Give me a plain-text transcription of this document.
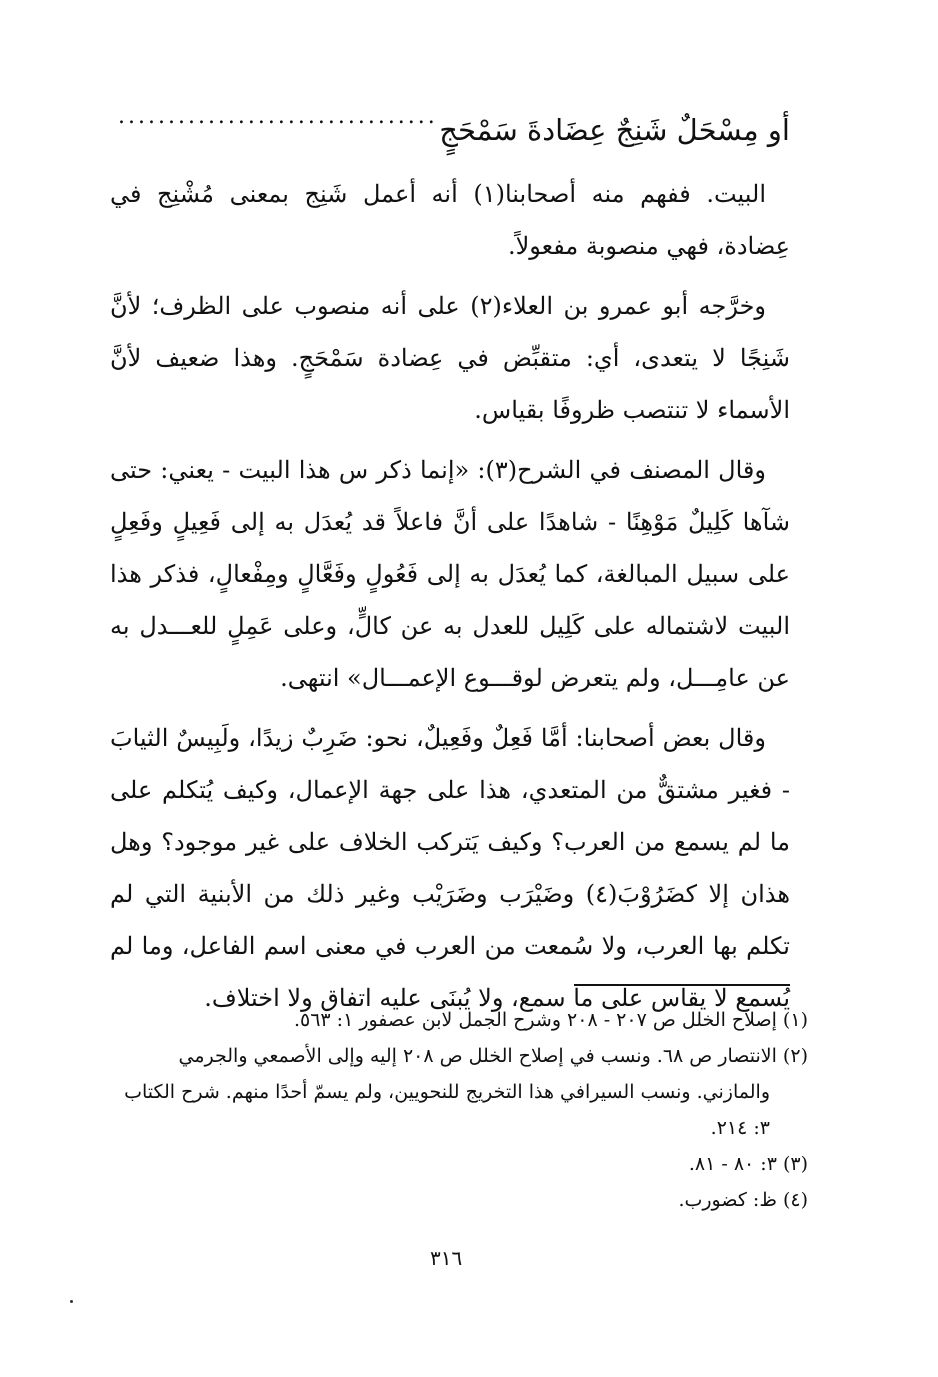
أو مِسْحَلٌ شَنِجٌ عِضَادةَ سَمْحَجٍ
................................

البيت. ففهم منه أصحابنا(١) أنه أعمل شَنِج بمعنى مُشْنِج في عِضادة، فهي منصوبة مفعولاً.

وخرَّجه أبو عمرو بن العلاء(٢) على أنه منصوب على الظرف؛ لأنَّ شَنِجًا لا يتعدى، أي: متقبِّض في عِضادة سَمْحَجٍ. وهذا ضعيف لأنَّ الأسماء لا تنتصب ظروفًا بقياس.

وقال المصنف في الشرح(٣): «إنما ذكر س هذا البيت - يعني: حتى شآها كَلِيلٌ مَوْهِنًا - شاهدًا على أنَّ فاعلاً قد يُعدَل به إلى فَعِيلٍ وفَعِلٍ على سبيل المبالغة، كما يُعدَل به إلى فَعُولٍ وفَعَّالٍ ومِفْعالٍ، فذكر هذا البيت لاشتماله على كَلِيل للعدل به عن كالٍّ، وعلى عَمِلٍ للعـــدل به عن عامِـــل، ولم يتعرض لوقـــوع الإعمـــال» انتهى.

وقال بعض أصحابنا: أمَّا فَعِلٌ وفَعِيلٌ، نحو: ضَرِبٌ زيدًا، ولَبِيسٌ الثيابَ - فغير مشتقٌّ من المتعدي، هذا على جهة الإعمال، وكيف يُتكلم على ما لم يسمع من العرب؟ وكيف يَتركب الخلاف على غير موجود؟ وهل هذان إلا كضَرُوْبَ(٤) وضَيْرَب وضَرَيْب وغير ذلك من الأبنية التي لم تكلم بها العرب، ولا سُمعت من العرب في معنى اسم الفاعل، وما لم يُسمع لا يقاس على ما سمع، ولا يُبنَى عليه اتفاق ولا اختلاف.

(١) إصلاح الخلل ص ٢٠٧ - ٢٠٨ وشرح الجمل لابن عصفور ١: ٥٦٣.

(٢) الانتصار ص ٦٨. ونسب في إصلاح الخلل ص ٢٠٨ إليه وإلى الأصمعي والجرمي

والمازني. ونسب السيرافي هذا التخريج للنحويين، ولم يسمّ أحدًا منهم. شرح الكتاب ٣: ٢١٤.

(٣) ٣: ٨٠ - ٨١.

(٤) ظ: كضورب.

٣١٦
